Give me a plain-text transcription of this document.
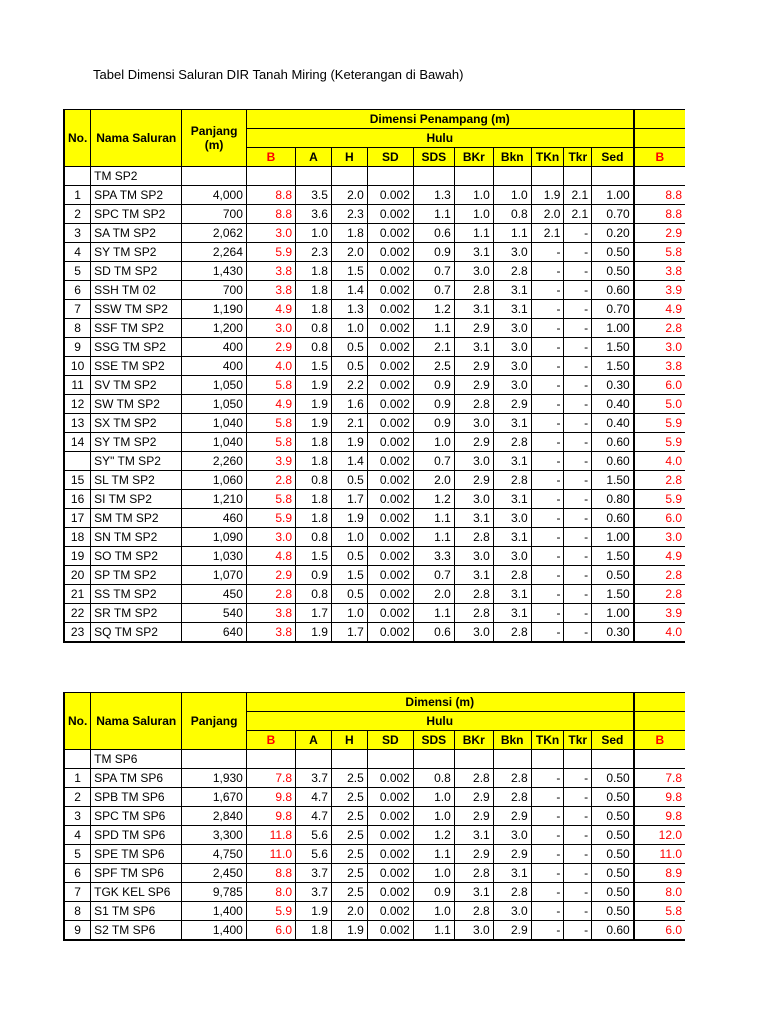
Tabel Dimensi Saluran DIR Tanah Miring (Keterangan di Bawah)
No.	Nama Saluran	Panjang (m)	Dimensi Penampang (m)										
			Hulu										
			B	A	H	SD	SDS	BKr	Bkn	TKn	Tkr	Sed	B
	TM SP2												
1	SPA TM SP2	4,000	8.8	3.5	2.0	0.002	1.3	1.0	1.0	1.9	2.1	1.00	8.8
2	SPC TM SP2	700	8.8	3.6	2.3	0.002	1.1	1.0	0.8	2.0	2.1	0.70	8.8
3	SA TM SP2	2,062	3.0	1.0	1.8	0.002	0.6	1.1	1.1	2.1	-	0.20	2.9
4	SY TM SP2	2,264	5.9	2.3	2.0	0.002	0.9	3.1	3.0	-	-	0.50	5.8
5	SD TM SP2	1,430	3.8	1.8	1.5	0.002	0.7	3.0	2.8	-	-	0.50	3.8
6	SSH TM 02	700	3.8	1.8	1.4	0.002	0.7	2.8	3.1	-	-	0.60	3.9
7	SSW TM SP2	1,190	4.9	1.8	1.3	0.002	1.2	3.1	3.1	-	-	0.70	4.9
8	SSF TM SP2	1,200	3.0	0.8	1.0	0.002	1.1	2.9	3.0	-	-	1.00	2.8
9	SSG TM SP2	400	2.9	0.8	0.5	0.002	2.1	3.1	3.0	-	-	1.50	3.0
10	SSE TM SP2	400	4.0	1.5	0.5	0.002	2.5	2.9	3.0	-	-	1.50	3.8
11	SV TM SP2	1,050	5.8	1.9	2.2	0.002	0.9	2.9	3.0	-	-	0.30	6.0
12	SW TM SP2	1,050	4.9	1.9	1.6	0.002	0.9	2.8	2.9	-	-	0.40	5.0
13	SX TM SP2	1,040	5.8	1.9	2.1	0.002	0.9	3.0	3.1	-	-	0.40	5.9
14	SY TM SP2	1,040	5.8	1.8	1.9	0.002	1.0	2.9	2.8	-	-	0.60	5.9
	SY" TM SP2	2,260	3.9	1.8	1.4	0.002	0.7	3.0	3.1	-	-	0.60	4.0
15	SL TM SP2	1,060	2.8	0.8	0.5	0.002	2.0	2.9	2.8	-	-	1.50	2.8
16	SI TM SP2	1,210	5.8	1.8	1.7	0.002	1.2	3.0	3.1	-	-	0.80	5.9
17	SM TM SP2	460	5.9	1.8	1.9	0.002	1.1	3.1	3.0	-	-	0.60	6.0
18	SN TM SP2	1,090	3.0	0.8	1.0	0.002	1.1	2.8	3.1	-	-	1.00	3.0
19	SO TM SP2	1,030	4.8	1.5	0.5	0.002	3.3	3.0	3.0	-	-	1.50	4.9
20	SP TM SP2	1,070	2.9	0.9	1.5	0.002	0.7	3.1	2.8	-	-	0.50	2.8
21	SS TM SP2	450	2.8	0.8	0.5	0.002	2.0	2.8	3.1	-	-	1.50	2.8
22	SR TM SP2	540	3.8	1.7	1.0	0.002	1.1	2.8	3.1	-	-	1.00	3.9
23	SQ TM SP2	640	3.8	1.9	1.7	0.002	0.6	3.0	2.8	-	-	0.30	4.0
No.	Nama Saluran	Panjang	Dimensi (m)										
			Hulu										
			B	A	H	SD	SDS	BKr	Bkn	TKn	Tkr	Sed	B
	TM SP6												
1	SPA TM SP6	1,930	7.8	3.7	2.5	0.002	0.8	2.8	2.8	-	-	0.50	7.8
2	SPB TM SP6	1,670	9.8	4.7	2.5	0.002	1.0	2.9	2.8	-	-	0.50	9.8
3	SPC TM SP6	2,840	9.8	4.7	2.5	0.002	1.0	2.9	2.9	-	-	0.50	9.8
4	SPD TM SP6	3,300	11.8	5.6	2.5	0.002	1.2	3.1	3.0	-	-	0.50	12.0
5	SPE TM SP6	4,750	11.0	5.6	2.5	0.002	1.1	2.9	2.9	-	-	0.50	11.0
6	SPF TM SP6	2,450	8.8	3.7	2.5	0.002	1.0	2.8	3.1	-	-	0.50	8.9
7	TGK KEL SP6	9,785	8.0	3.7	2.5	0.002	0.9	3.1	2.8	-	-	0.50	8.0
8	S1 TM SP6	1,400	5.9	1.9	2.0	0.002	1.0	2.8	3.0	-	-	0.50	5.8
9	S2 TM SP6	1,400	6.0	1.8	1.9	0.002	1.1	3.0	2.9	-	-	0.60	6.0
